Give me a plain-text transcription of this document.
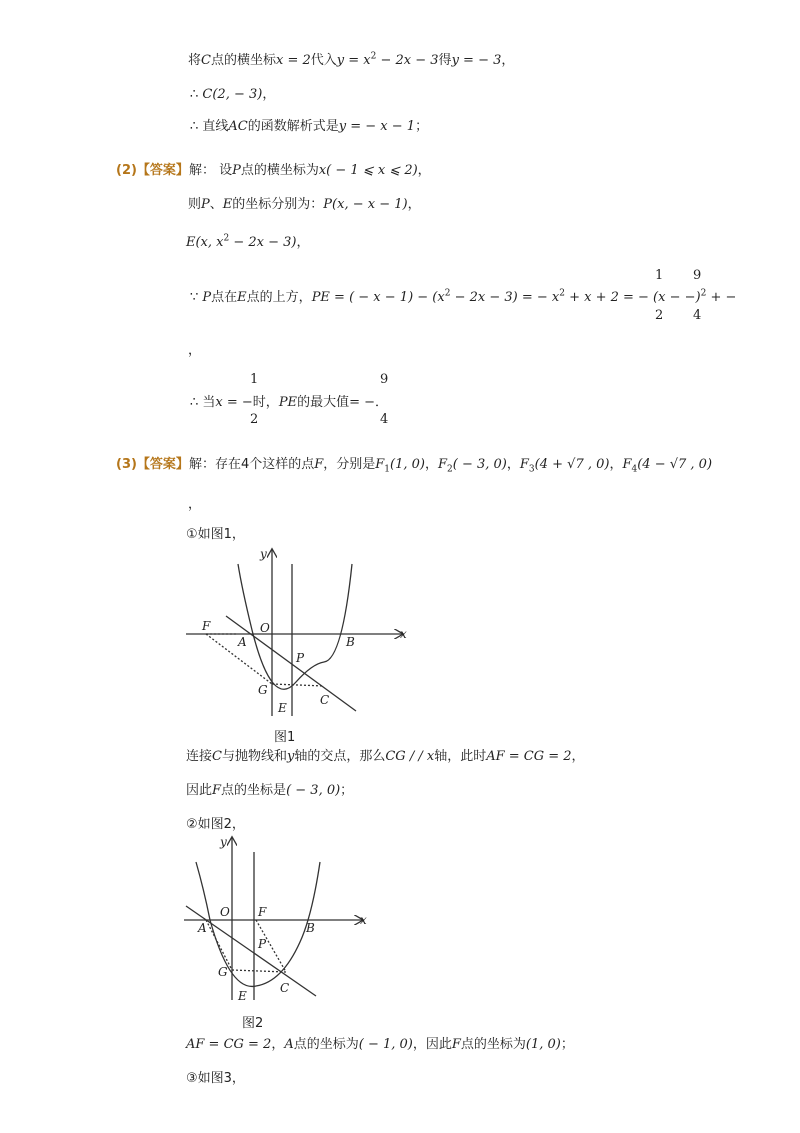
将C点的横坐标x = 2代入$y = x^2 - 2x - 3$得y = − 3，
∴ C(2, − 3)，
∴ 直线AC的函数解析式是y = − x − 1；
(2)【答案】解： 设P点的横坐标为x( − 1 ⩽ x ⩽ 2)，
则P、E的坐标分别为：P(x, − x − 1)，
E(x, $x^2 - 2x - 3$)，
∵ P点在E点的上方，PE = ( − $x - 1) - (x^2 - 2x - 3)$ = − $x^2 + x + 2$ = − $(x - -)^2$ + −
1
2
9
4
，
∴ 当x = −时，PE的最大值= −．
1
2
9
4
(3)【答案】解：存在4个这样的点F，分别是$F_1(1$, 0)，$F_2( - 3$, 0)，$F_3(4 + √7$ , 0)，$F_4(4 - √7$ , 0)
，
①如图1，
y
x
F	O
A	B
P
G
C
E
图1
连接C与抛物线和y轴的交点，那么CG / / x轴，此时AF = CG = 2，
因此F点的坐标是( − 3, 0)；
②如图2，
y
x
O F
A	B
P
G
C
E
图2
AF = CG = 2，A点的坐标为( − 1, 0)，因此F点的坐标为(1, 0)；
③如图3，
